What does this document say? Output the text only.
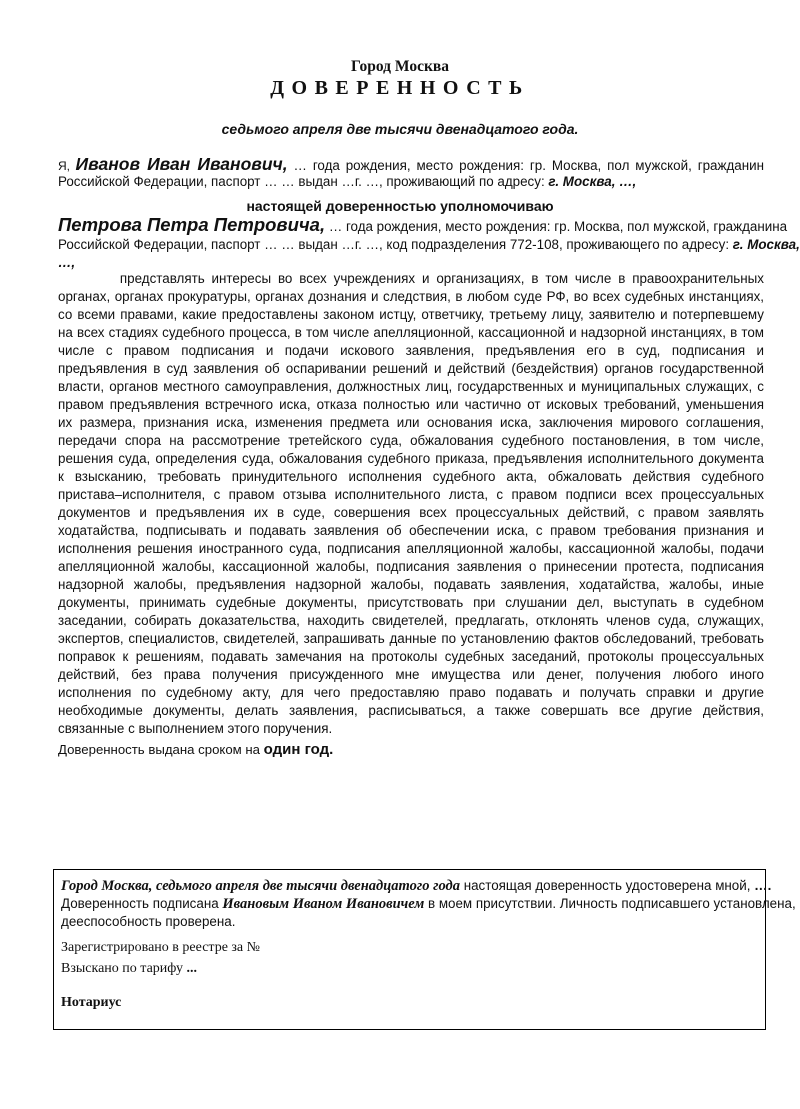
Город Москва
ДОВЕРЕННОСТЬ
седьмого апреля две тысячи двенадцатого года.
Я, Иванов Иван Иванович, … года рождения, место рождения: гр. Москва, пол мужской, гражданин
Российской Федерации, паспорт … … выдан …г. …, проживающий по адресу: г. Москва, …,
настоящей доверенностью уполномочиваю
Петрова Петра Петровича, … года рождения, место рождения: гр. Москва, пол мужской, гражданина
Российской Федерации, паспорт … … выдан …г. …, код подразделения 772-108, проживающего по адресу: г. Москва,
…,
представлять интересы во всех учреждениях и организациях, в том числе в правоохранительных
органах, органах прокуратуры, органах дознания и следствия, в любом суде РФ, во всех судебных инстанциях,
со всеми правами, какие предоставлены законом истцу, ответчику, третьему лицу, заявителю и потерпевшему
на всех стадиях судебного процесса, в том числе апелляционной, кассационной и надзорной инстанциях, в том
числе с правом подписания и подачи искового заявления, предъявления его в суд, подписания и
предъявления в суд заявления об оспаривании решений и действий (бездействия) органов государственной
власти, органов местного самоуправления, должностных лиц, государственных и муниципальных служащих, с
правом предъявления встречного иска, отказа полностью или частично от исковых требований, уменьшения
их размера, признания иска, изменения предмета или основания иска, заключения мирового соглашения,
передачи спора на рассмотрение третейского суда, обжалования судебного постановления, в том числе,
решения суда, определения суда, обжалования судебного приказа, предъявления исполнительного документа
к взысканию, требовать принудительного исполнения судебного акта, обжаловать действия судебного
пристава–исполнителя, с правом отзыва исполнительного листа, с правом подписи всех процессуальных
документов и предъявления их в суде, совершения всех процессуальных действий, с правом заявлять
ходатайства, подписывать и подавать заявления об обеспечении иска, с правом требования признания и
исполнения решения иностранного суда, подписания апелляционной жалобы, кассационной жалобы, подачи
апелляционной жалобы, кассационной жалобы, подписания заявления о принесении протеста, подписания
надзорной жалобы, предъявления надзорной жалобы, подавать заявления, ходатайства, жалобы, иные
документы, принимать судебные документы, присутствовать при слушании дел, выступать в судебном
заседании, собирать доказательства, находить свидетелей, предлагать, отклонять членов суда, служащих,
экспертов, специалистов, свидетелей, запрашивать данные по установлению фактов обследований, требовать
поправок к решениям, подавать замечания на протоколы судебных заседаний, протоколы процессуальных
действий, без права получения присужденного мне имущества или денег, получения любого иного
исполнения по судебному акту, для чего предоставляю право подавать и получать справки и другие
необходимые документы, делать заявления, расписываться, а также совершать все другие действия,
связанные с выполнением этого поручения.
Доверенность выдана сроком на один год.
Город Москва, седьмого апреля две тысячи двенадцатого года настоящая доверенность удостоверена мной, ….
Доверенность подписана Ивановым Иваном Ивановичем в моем присутствии. Личность подписавшего установлена,
дееспособность проверена.
Зарегистрировано в реестре за №
Взыскано по тарифу ...
Нотариус
